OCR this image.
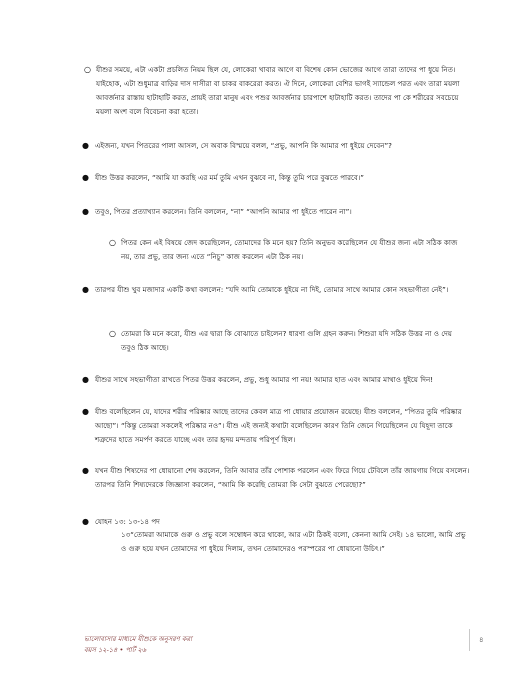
○ যীশুর সময়ে, এটা একটা প্রচলিত নিয়ম ছিল যে, লোকেরা খাবার আগে বা বিশেষ কোন ভোজের আগে তারা তাদের পা ধুয়ে নিত। যাইহোক, এটা শুধুমাত্র বাড়ির দাস দাসীরা বা চাকর বাকরেরা করত। ঐ দিনে, লোকেরা বেশির ভাগই স্যান্ডেল পরত এবং তারা ময়লা আবর্জনার রাস্তায় হাটাহাটি করত, প্রায়ই তারা মানুষ এবং পশুর আবর্জনার চারপাশে হাটাহাটি করত। তাদের পা কে শরীরের সবচেয়ে ময়লা অংশ বলে বিবেচনা করা হতো।
● এইজন্য, যখন পিতরের পালা আসল, সে অবাক বিস্ময়ে বলল, “প্রভু, আপনি কি আমার পা ধুইয়ে দেবেন”?
● যীশু উত্তর করলেন, “আমি যা করছি এর মর্ম তুমি এখন বুঝবে না, কিন্তু তুমি পরে বুঝতে পারবে।”
● তবুও, পিতর প্রত্যাখ্যান করলেন। তিনি বললেন, “না” “আপনি আমার পা ধুইতে পারেন না”।
○ পিতর কেন এই বিষয়ে জেদ করেছিলেন, তোমাদের কি মনে হয়? তিনি অনুভব করেছিলেন যে যীশুর জন্য এটা সঠিক কাজ নয়, তার প্রভু, তার জন্য এতে “নিচু” কাজ করলেন এটা ঠিক নয়।
● তারপর যীশু খুব মজাদার একটি কথা বললেন: “যদি আমি তোমাকে ধুইয়ে না দিই, তোমার সাথে আমার কোন সহভাগীতা নেই”।
○ তোমরা কি মনে করো, যীশু এর দ্বারা কি বোঝাতে চাইলেন? ধারণা গুলি গ্রহন করুন। শিশুরা যদি সঠিক উত্তর না ও দেয় তবুও ঠিক আছে।
● যীশুর সাথে সহভাগীতা রাখতে পিতর উত্তর করলেন, প্রভু, শুধু আমার পা নয়! আমার হাত এবং আমার মাথাও ধুইয়ে দিন!
● যীশু বলেছিলেন যে, যাদের শরীর পরিষ্কার আছে তাদের কেবল মাত্র পা ধোয়ার প্রয়োজন রয়েছে। যীশু বললেন, “পিতর তুমি পরিষ্কার আছো”। “কিন্তু তোমরা সকলেই পরিষ্কার নও”। যীশু এই জন্যই কথাটা বলেছিলেন কারণ তিনি জেনে গিয়েছিলেন যে যিহূদা তাকে শত্রুদের হাতে সমর্পণ করতে যাচ্ছে এবং তার হৃদয় মন্দতায় পরিপূর্ণ ছিল।
● যখন যীশু শিষ্যদের পা ধোয়ানো শেষ করলেন, তিনি আবার তাঁর পোশাক পরলেন এবং ফিরে গিয়ে টেবিলে তাঁর জায়গায় গিয়ে বসলেন। তারপর তিনি শিষ্যদেরকে জিজ্ঞাসা করলেন, “আমি কি করেছি তোমরা কি সেটা বুঝতে পেরেছো?”
● যোহন ১৩: ১৩-১৪ পদ
১৩“তোমরা আমাকে গুরু ও প্রভু বলে সম্বোধন করে থাকো, আর এটা ঠিকই বলো, কেননা আমি সেই। ১৪ ভালো, আমি প্রভু ও গুরু হয়ে যখন তোমাদের পা ধুইয়ে দিলাম, তখন তোমাদেরও পরস্পরের পা ধোয়ানো উচিৎ।”
ভালোবাসার মাধ্যমে যীশুকে অনুসরণ করা
বয়স ১২-১৪ • পার্ট ২৬
৪
